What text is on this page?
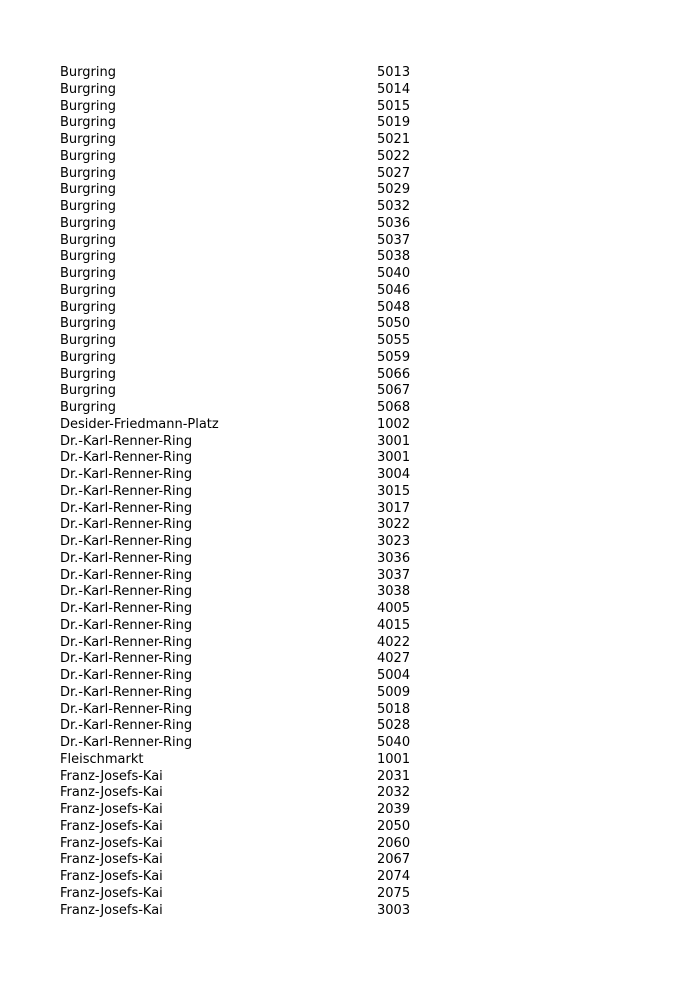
Burgring	5013
Burgring	5014
Burgring	5015
Burgring	5019
Burgring	5021
Burgring	5022
Burgring	5027
Burgring	5029
Burgring	5032
Burgring	5036
Burgring	5037
Burgring	5038
Burgring	5040
Burgring	5046
Burgring	5048
Burgring	5050
Burgring	5055
Burgring	5059
Burgring	5066
Burgring	5067
Burgring	5068
Desider-Friedmann-Platz	1002
Dr.-Karl-Renner-Ring	3001
Dr.-Karl-Renner-Ring	3001
Dr.-Karl-Renner-Ring	3004
Dr.-Karl-Renner-Ring	3015
Dr.-Karl-Renner-Ring	3017
Dr.-Karl-Renner-Ring	3022
Dr.-Karl-Renner-Ring	3023
Dr.-Karl-Renner-Ring	3036
Dr.-Karl-Renner-Ring	3037
Dr.-Karl-Renner-Ring	3038
Dr.-Karl-Renner-Ring	4005
Dr.-Karl-Renner-Ring	4015
Dr.-Karl-Renner-Ring	4022
Dr.-Karl-Renner-Ring	4027
Dr.-Karl-Renner-Ring	5004
Dr.-Karl-Renner-Ring	5009
Dr.-Karl-Renner-Ring	5018
Dr.-Karl-Renner-Ring	5028
Dr.-Karl-Renner-Ring	5040
Fleischmarkt	1001
Franz-Josefs-Kai	2031
Franz-Josefs-Kai	2032
Franz-Josefs-Kai	2039
Franz-Josefs-Kai	2050
Franz-Josefs-Kai	2060
Franz-Josefs-Kai	2067
Franz-Josefs-Kai	2074
Franz-Josefs-Kai	2075
Franz-Josefs-Kai	3003
